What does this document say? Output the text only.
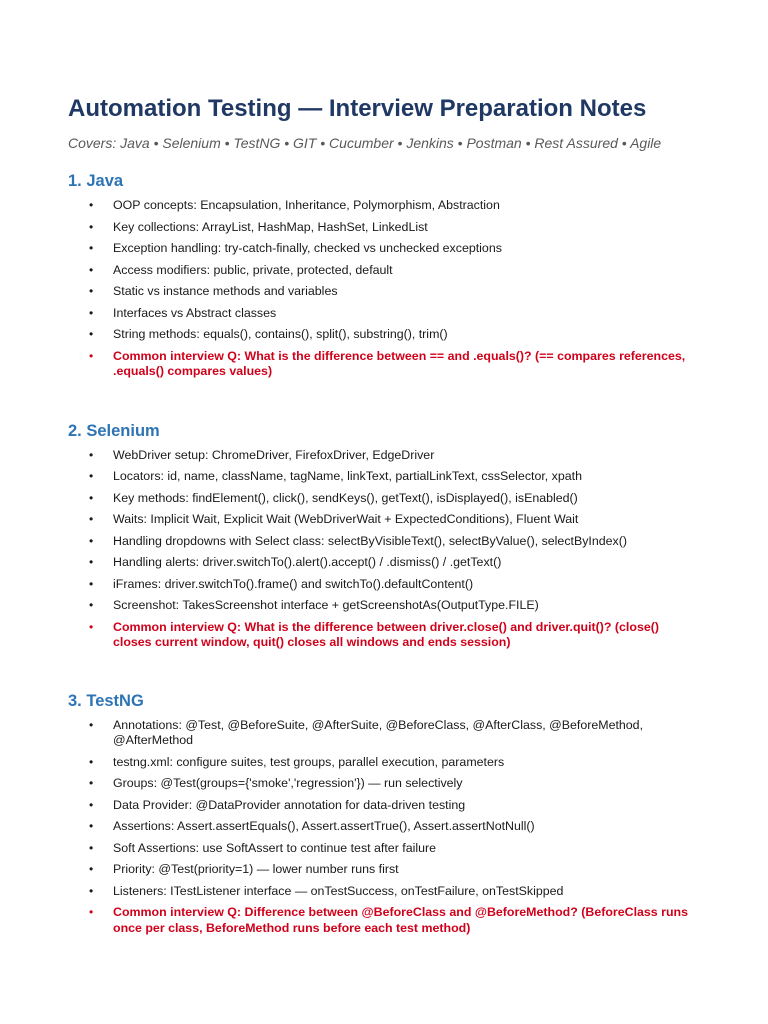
Automation Testing — Interview Preparation Notes

Covers: Java • Selenium • TestNG • GIT • Cucumber • Jenkins • Postman • Rest Assured • Agile

1. Java
• OOP concepts: Encapsulation, Inheritance, Polymorphism, Abstraction
• Key collections: ArrayList, HashMap, HashSet, LinkedList
• Exception handling: try-catch-finally, checked vs unchecked exceptions
• Access modifiers: public, private, protected, default
• Static vs instance methods and variables
• Interfaces vs Abstract classes
• String methods: equals(), contains(), split(), substring(), trim()
• Common interview Q: What is the difference between == and .equals()? (== compares references, .equals() compares values)
2. Selenium
• WebDriver setup: ChromeDriver, FirefoxDriver, EdgeDriver
• Locators: id, name, className, tagName, linkText, partialLinkText, cssSelector, xpath
• Key methods: findElement(), click(), sendKeys(), getText(), isDisplayed(), isEnabled()
• Waits: Implicit Wait, Explicit Wait (WebDriverWait + ExpectedConditions), Fluent Wait
• Handling dropdowns with Select class: selectByVisibleText(), selectByValue(), selectByIndex()
• Handling alerts: driver.switchTo().alert().accept() / .dismiss() / .getText()
• iFrames: driver.switchTo().frame() and switchTo().defaultContent()
• Screenshot: TakesScreenshot interface + getScreenshotAs(OutputType.FILE)
• Common interview Q: What is the difference between driver.close() and driver.quit()? (close() closes current window, quit() closes all windows and ends session)
3. TestNG
• Annotations: @Test, @BeforeSuite, @AfterSuite, @BeforeClass, @AfterClass, @BeforeMethod, @AfterMethod
• testng.xml: configure suites, test groups, parallel execution, parameters
• Groups: @Test(groups={'smoke','regression'}) — run selectively
• Data Provider: @DataProvider annotation for data-driven testing
• Assertions: Assert.assertEquals(), Assert.assertTrue(), Assert.assertNotNull()
• Soft Assertions: use SoftAssert to continue test after failure
• Priority: @Test(priority=1) — lower number runs first
• Listeners: ITestListener interface — onTestSuccess, onTestFailure, onTestSkipped
• Common interview Q: Difference between @BeforeClass and @BeforeMethod? (BeforeClass runs once per class, BeforeMethod runs before each test method)
